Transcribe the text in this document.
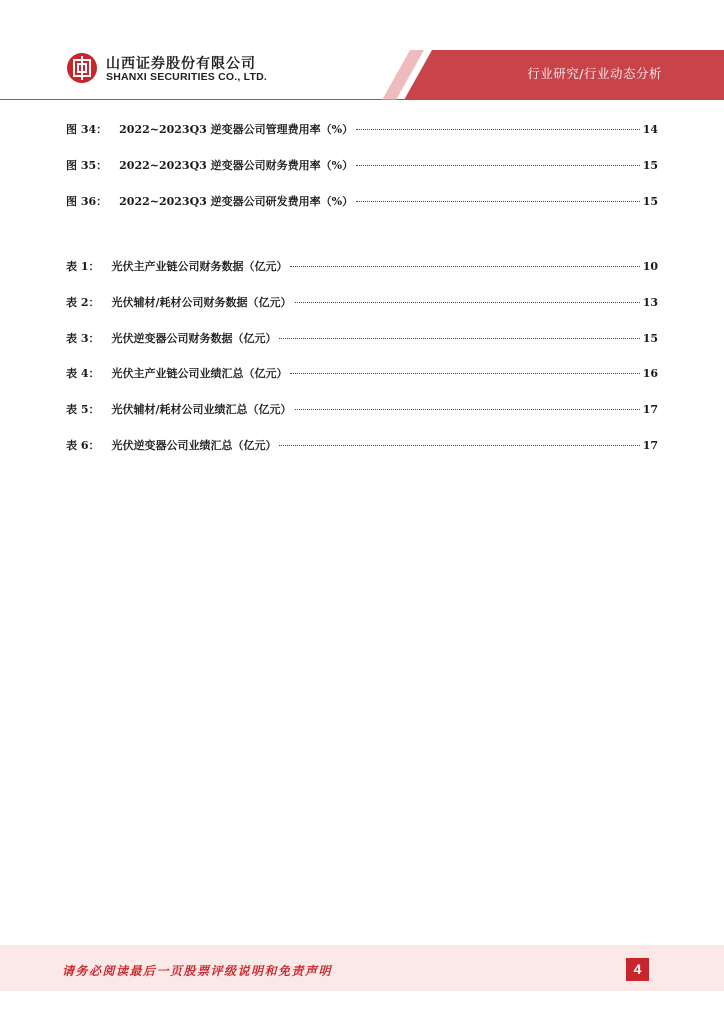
山西证券股份有限公司
SHANXI SECURITIES CO., LTD.	行业研究/行业动态分析
图 34： 2022~2023Q3 逆变器公司管理费用率（%）	14
图 35： 2022~2023Q3 逆变器公司财务费用率（%）	15
图 36： 2022~2023Q3 逆变器公司研发费用率（%）	15
表 1： 光伏主产业链公司财务数据（亿元）	10
表 2： 光伏辅材/耗材公司财务数据（亿元）	13
表 3： 光伏逆变器公司财务数据（亿元）	15
表 4： 光伏主产业链公司业绩汇总（亿元）	16
表 5： 光伏辅材/耗材公司业绩汇总（亿元）	17
表 6： 光伏逆变器公司业绩汇总（亿元）	17
请务必阅读最后一页股票评级说明和免责声明	4
